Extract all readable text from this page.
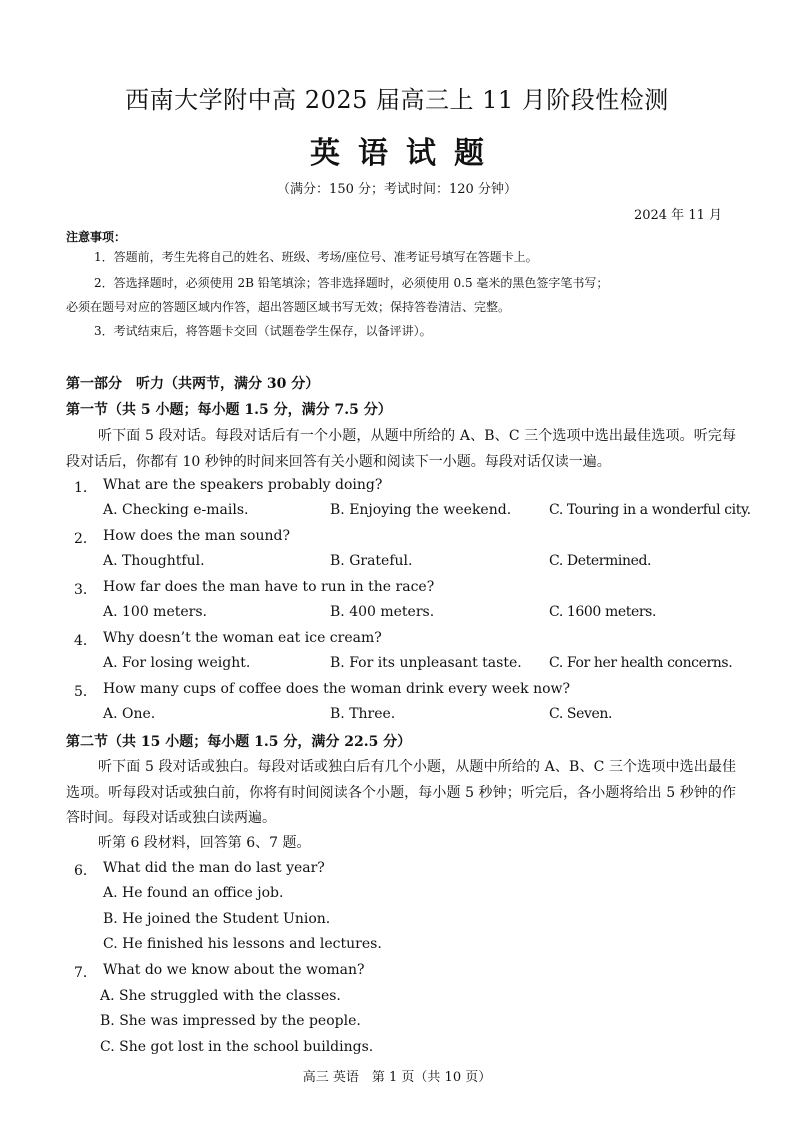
西南大学附中高 2025 届高三上 11 月阶段性检测
英语试题
（满分：150 分；考试时间：120 分钟）
2024 年 11 月
注意事项：
1．答题前，考生先将自己的姓名、班级、考场/座位号、准考证号填写在答题卡上。
2．答选择题时，必须使用 2B 铅笔填涂；答非选择题时，必须使用 0.5 毫米的黑色签字笔书写；
必须在题号对应的答题区域内作答，超出答题区域书写无效；保持答卷清洁、完整。
3．考试结束后，将答题卡交回（试题卷学生保存，以备评讲）。
第一部分　听力（共两节，满分 30 分）
第一节（共 5 小题；每小题 1.5 分，满分 7.5 分）
听下面 5 段对话。每段对话后有一个小题，从题中所给的 A、B、C 三个选项中选出最佳选项。听完每段对话后，你都有 10 秒钟的时间来回答有关小题和阅读下一小题。每段对话仅读一遍。
1． What are the speakers probably doing?
A. Checking e-mails.	B. Enjoying the weekend.	C. Touring in a wonderful city.
2． How does the man sound?
A. Thoughtful.	B. Grateful.	C. Determined.
3． How far does the man have to run in the race?
A. 100 meters.	B. 400 meters.	C. 1600 meters.
4． Why doesn’t the woman eat ice cream?
A. For losing weight.	B. For its unpleasant taste. C. For her health concerns.
5． How many cups of coffee does the woman drink every week now?
A. One.	B. Three.	C. Seven.
第二节（共 15 小题；每小题 1.5 分，满分 22.5 分）
听下面 5 段对话或独白。每段对话或独白后有几个小题，从题中所给的 A、B、C 三个选项中选出最佳选项。听每段对话或独白前，你将有时间阅读各个小题，每小题 5 秒钟；听完后，各小题将给出 5 秒钟的作答时间。每段对话或独白读两遍。
听第 6 段材料，回答第 6、7 题。
6． What did the man do last year?
A. He found an office job.
B. He joined the Student Union.
C. He finished his lessons and lectures.
7． What do we know about the woman?
A. She struggled with the classes.
B. She was impressed by the people.
C. She got lost in the school buildings.
高三 英语　第 1 页（共 10 页）
